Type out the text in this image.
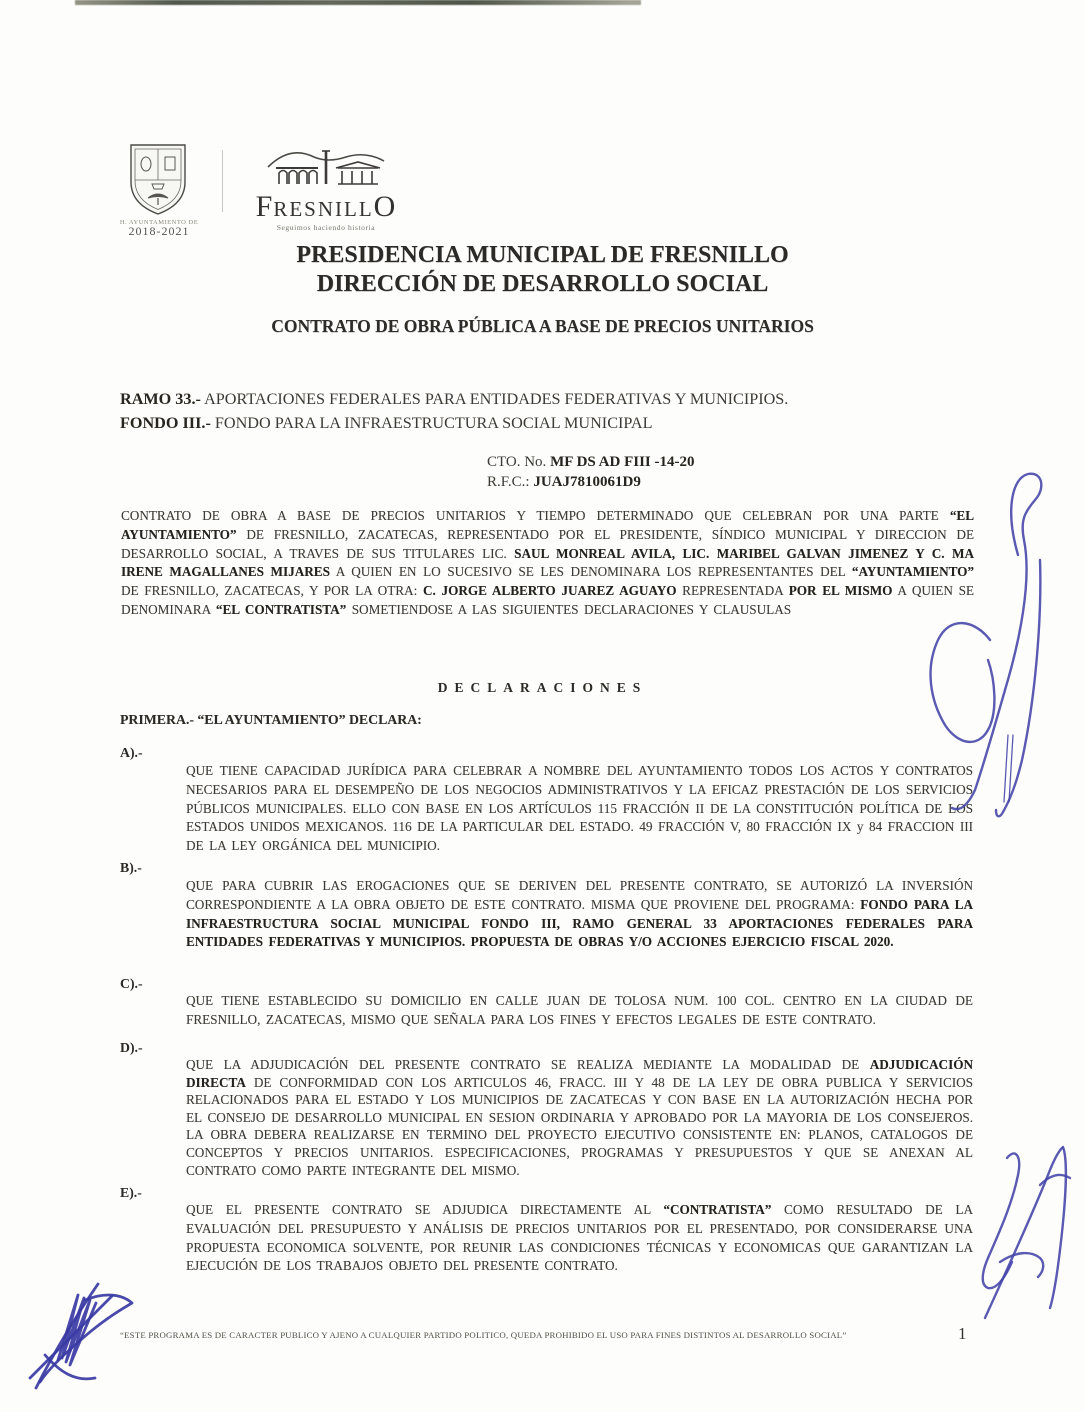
H. AYUNTAMIENTO DE
2018-2021
FRESNILLO
Seguimos haciendo historia
PRESIDENCIA MUNICIPAL DE FRESNILLO
DIRECCIÓN DE DESARROLLO SOCIAL
CONTRATO DE OBRA PÚBLICA A BASE DE PRECIOS UNITARIOS
RAMO 33.- APORTACIONES FEDERALES PARA ENTIDADES FEDERATIVAS Y MUNICIPIOS.
FONDO III.- FONDO PARA LA INFRAESTRUCTURA SOCIAL MUNICIPAL
CTO. No. MF DS AD FIII -14-20
R.F.C.: JUAJ7810061D9
CONTRATO DE OBRA A BASE DE PRECIOS UNITARIOS Y TIEMPO DETERMINADO QUE CELEBRAN POR UNA PARTE “EL AYUNTAMIENTO” DE FRESNILLO, ZACATECAS, REPRESENTADO POR EL PRESIDENTE, SÍNDICO MUNICIPAL Y DIRECCION DE DESARROLLO SOCIAL, A TRAVES DE SUS TITULARES LIC. SAUL MONREAL AVILA, LIC. MARIBEL GALVAN JIMENEZ Y C. MA IRENE MAGALLANES MIJARES A QUIEN EN LO SUCESIVO SE LES DENOMINARA LOS REPRESENTANTES DEL “AYUNTAMIENTO” DE FRESNILLO, ZACATECAS, Y POR LA OTRA: C. JORGE ALBERTO JUAREZ AGUAYO REPRESENTADA POR EL MISMO A QUIEN SE DENOMINARA “EL CONTRATISTA” SOMETIENDOSE A LAS SIGUIENTES DECLARACIONES Y CLAUSULAS
DECLARACIONES
PRIMERA.- “EL AYUNTAMIENTO” DECLARA:
A).-
QUE TIENE CAPACIDAD JURÍDICA PARA CELEBRAR A NOMBRE DEL AYUNTAMIENTO TODOS LOS ACTOS Y CONTRATOS NECESARIOS PARA EL DESEMPEÑO DE LOS NEGOCIOS ADMINISTRATIVOS Y LA EFICAZ PRESTACIÓN DE LOS SERVICIOS PÚBLICOS MUNICIPALES. ELLO CON BASE EN LOS ARTÍCULOS 115 FRACCIÓN II DE LA CONSTITUCIÓN POLÍTICA DE LOS ESTADOS UNIDOS MEXICANOS. 116 DE LA PARTICULAR DEL ESTADO. 49 FRACCIÓN V, 80 FRACCIÓN IX y 84 FRACCION III DE LA LEY ORGÁNICA DEL MUNICIPIO.
B).-
QUE PARA CUBRIR LAS EROGACIONES QUE SE DERIVEN DEL PRESENTE CONTRATO, SE AUTORIZÓ LA INVERSIÓN CORRESPONDIENTE A LA OBRA OBJETO DE ESTE CONTRATO. MISMA QUE PROVIENE DEL PROGRAMA: FONDO PARA LA INFRAESTRUCTURA SOCIAL MUNICIPAL FONDO III, RAMO GENERAL 33 APORTACIONES FEDERALES PARA ENTIDADES FEDERATIVAS Y MUNICIPIOS. PROPUESTA DE OBRAS Y/O ACCIONES EJERCICIO FISCAL 2020.
C).-
QUE TIENE ESTABLECIDO SU DOMICILIO EN CALLE JUAN DE TOLOSA NUM. 100 COL. CENTRO EN LA CIUDAD DE FRESNILLO, ZACATECAS, MISMO QUE SEÑALA PARA LOS FINES Y EFECTOS LEGALES DE ESTE CONTRATO.
D).-
QUE LA ADJUDICACIÓN DEL PRESENTE CONTRATO SE REALIZA MEDIANTE LA MODALIDAD DE ADJUDICACIÓN DIRECTA DE CONFORMIDAD CON LOS ARTICULOS 46, FRACC. III Y 48 DE LA LEY DE OBRA PUBLICA Y SERVICIOS RELACIONADOS PARA EL ESTADO Y LOS MUNICIPIOS DE ZACATECAS Y CON BASE EN LA AUTORIZACIÓN HECHA POR EL CONSEJO DE DESARROLLO MUNICIPAL EN SESION ORDINARIA Y APROBADO POR LA MAYORIA DE LOS CONSEJEROS. LA OBRA DEBERA REALIZARSE EN TERMINO DEL PROYECTO EJECUTIVO CONSISTENTE EN: PLANOS, CATALOGOS DE CONCEPTOS Y PRECIOS UNITARIOS. ESPECIFICACIONES, PROGRAMAS Y PRESUPUESTOS Y QUE SE ANEXAN AL CONTRATO COMO PARTE INTEGRANTE DEL MISMO.
E).-
QUE EL PRESENTE CONTRATO SE ADJUDICA DIRECTAMENTE AL “CONTRATISTA” COMO RESULTADO DE LA EVALUACIÓN DEL PRESUPUESTO Y ANÁLISIS DE PRECIOS UNITARIOS POR EL PRESENTADO, POR CONSIDERARSE UNA PROPUESTA ECONOMICA SOLVENTE, POR REUNIR LAS CONDICIONES TÉCNICAS Y ECONOMICAS QUE GARANTIZAN LA EJECUCIÓN DE LOS TRABAJOS OBJETO DEL PRESENTE CONTRATO.
“ESTE PROGRAMA ES DE CARACTER PUBLICO Y AJENO A CUALQUIER PARTIDO POLITICO, QUEDA PROHIBIDO EL USO PARA FINES DISTINTOS AL DESARROLLO SOCIAL”	1
